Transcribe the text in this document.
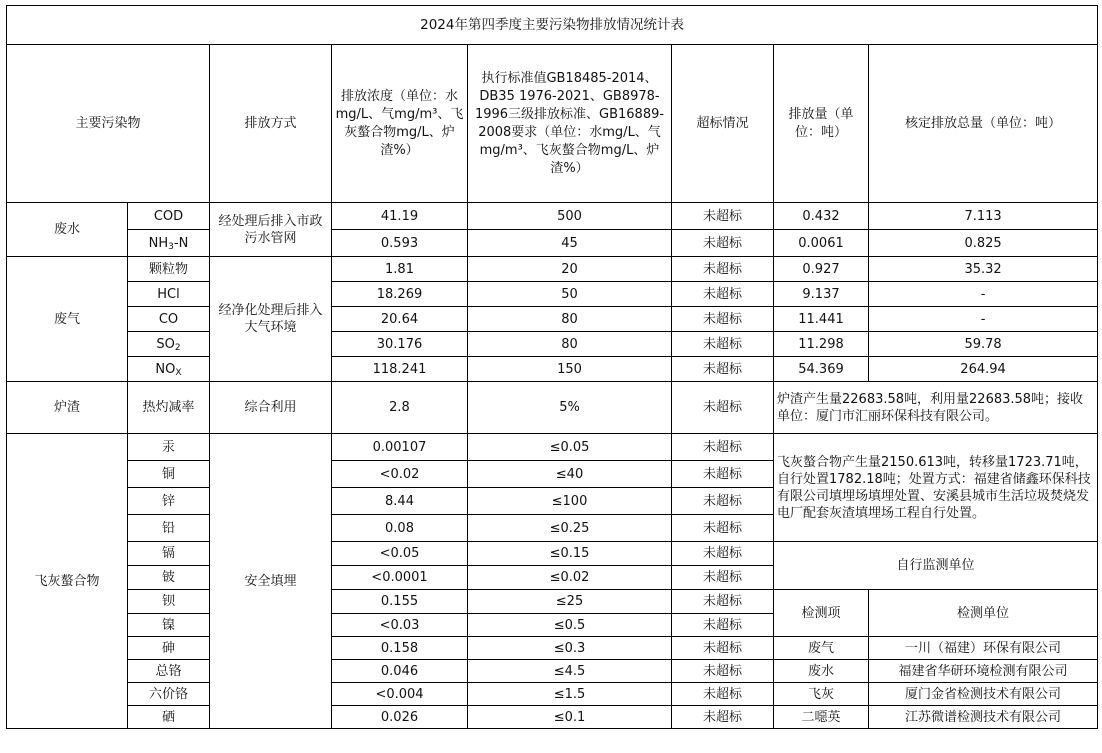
2024年第四季度主要污染物排放情况统计表							
主要污染物		排放方式	排放浓度（单位：水mg/L、气mg/m³、飞灰螯合物mg/L、炉渣%）	执行标准值GB18485-2014、DB35 1976-2021、GB8978-1996三级排放标准、GB16889-2008要求（单位：水mg/L、气mg/m³、飞灰螯合物mg/L、炉渣%）	超标情况	排放量（单位：吨）	核定排放总量（单位：吨）
废水	COD	经处理后排入市政污水管网	41.19	500	未超标	0.432	7.113
	$NH_3-N$		0.593	45	未超标	0.0061	0.825
废气	颗粒物	经净化处理后排入大气环境	1.81	20	未超标	0.927	35.32
	HCl		18.269	50	未超标	9.137	-
	CO		20.64	80	未超标	11.441	-
	$SO_2$		30.176	80	未超标	11.298	59.78
	$NO_X$		118.241	150	未超标	54.369	264.94
炉渣	热灼减率	综合利用	2.8	5%	未超标	炉渣产生量22683.58吨，利用量22683.58吨；接收单位：厦门市汇丽环保科技有限公司。	
飞灰螯合物	汞	安全填埋	0.00107	≤0.05	未超标	飞灰螯合物产生量2150.613吨，转移量1723.71吨，自行处置1782.18吨；处置方式：福建省储鑫环保科技有限公司填埋场填埋处置、安溪县城市生活垃圾焚烧发电厂配套灰渣填埋场工程自行处置。	
	铜		<0.02	≤40	未超标		
	锌		8.44	≤100	未超标		
	铅		0.08	≤0.25	未超标		
	镉		<0.05	≤0.15	未超标	自行监测单位	
	铍		<0.0001	≤0.02	未超标		
	钡		0.155	≤25	未超标	检测项	检测单位
	镍		<0.03	≤0.5	未超标		
	砷		0.158	≤0.3	未超标	废气	一川（福建）环保有限公司
	总铬		0.046	≤4.5	未超标	废水	福建省华研环境检测有限公司
	六价铬		<0.004	≤1.5	未超标	飞灰	厦门金省检测技术有限公司
	硒		0.026	≤0.1	未超标	二噁英	江苏微谱检测技术有限公司
